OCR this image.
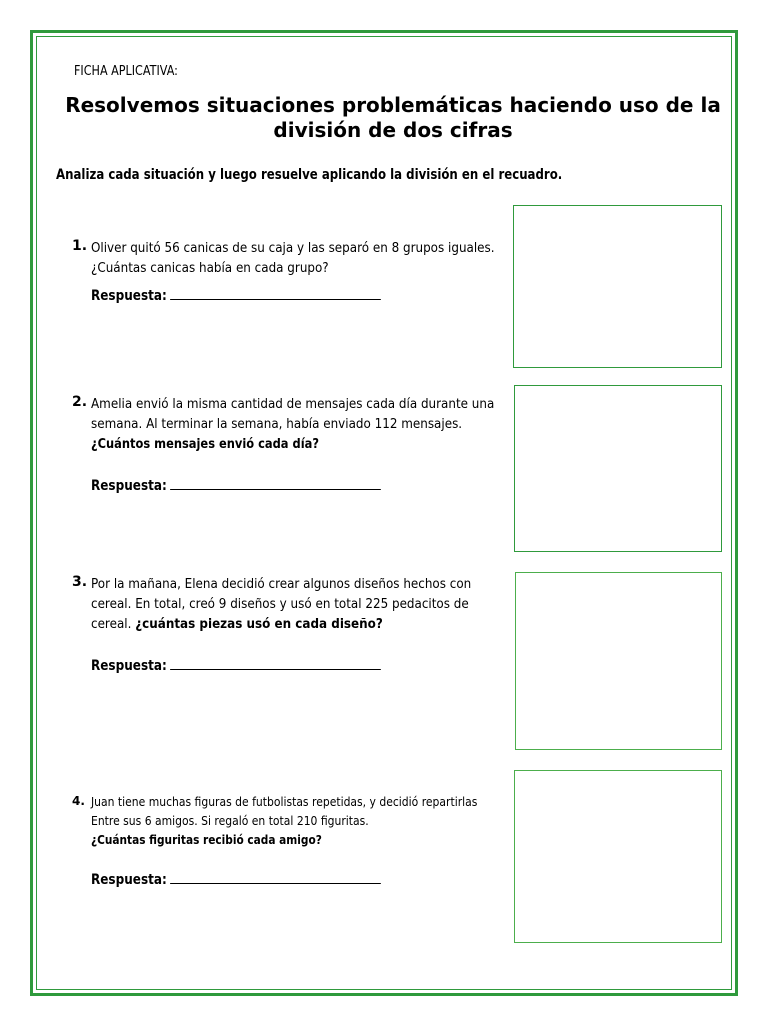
FICHA APLICATIVA:
Resolvemos situaciones problemáticas haciendo uso de la división de dos cifras
Analiza cada situación y luego resuelve aplicando la división en el recuadro.
1. Oliver quitó 56 canicas de su caja y las separó en 8 grupos iguales.
¿Cuántas canicas había en cada grupo?
Respuesta:
2. Amelia envió la misma cantidad de mensajes cada día durante una
semana. Al terminar la semana, había enviado 112 mensajes.
¿Cuántos mensajes envió cada día?
Respuesta:
3. Por la mañana, Elena decidió crear algunos diseños hechos con
cereal. En total, creó 9 diseños y usó en total 225 pedacitos de
cereal. ¿cuántas piezas usó en cada diseño?
Respuesta:
4. Juan tiene muchas figuras de futbolistas repetidas, y decidió repartirlas
Entre sus 6 amigos. Si regaló en total 210 figuritas.
¿Cuántas figuritas recibió cada amigo?
Respuesta:
